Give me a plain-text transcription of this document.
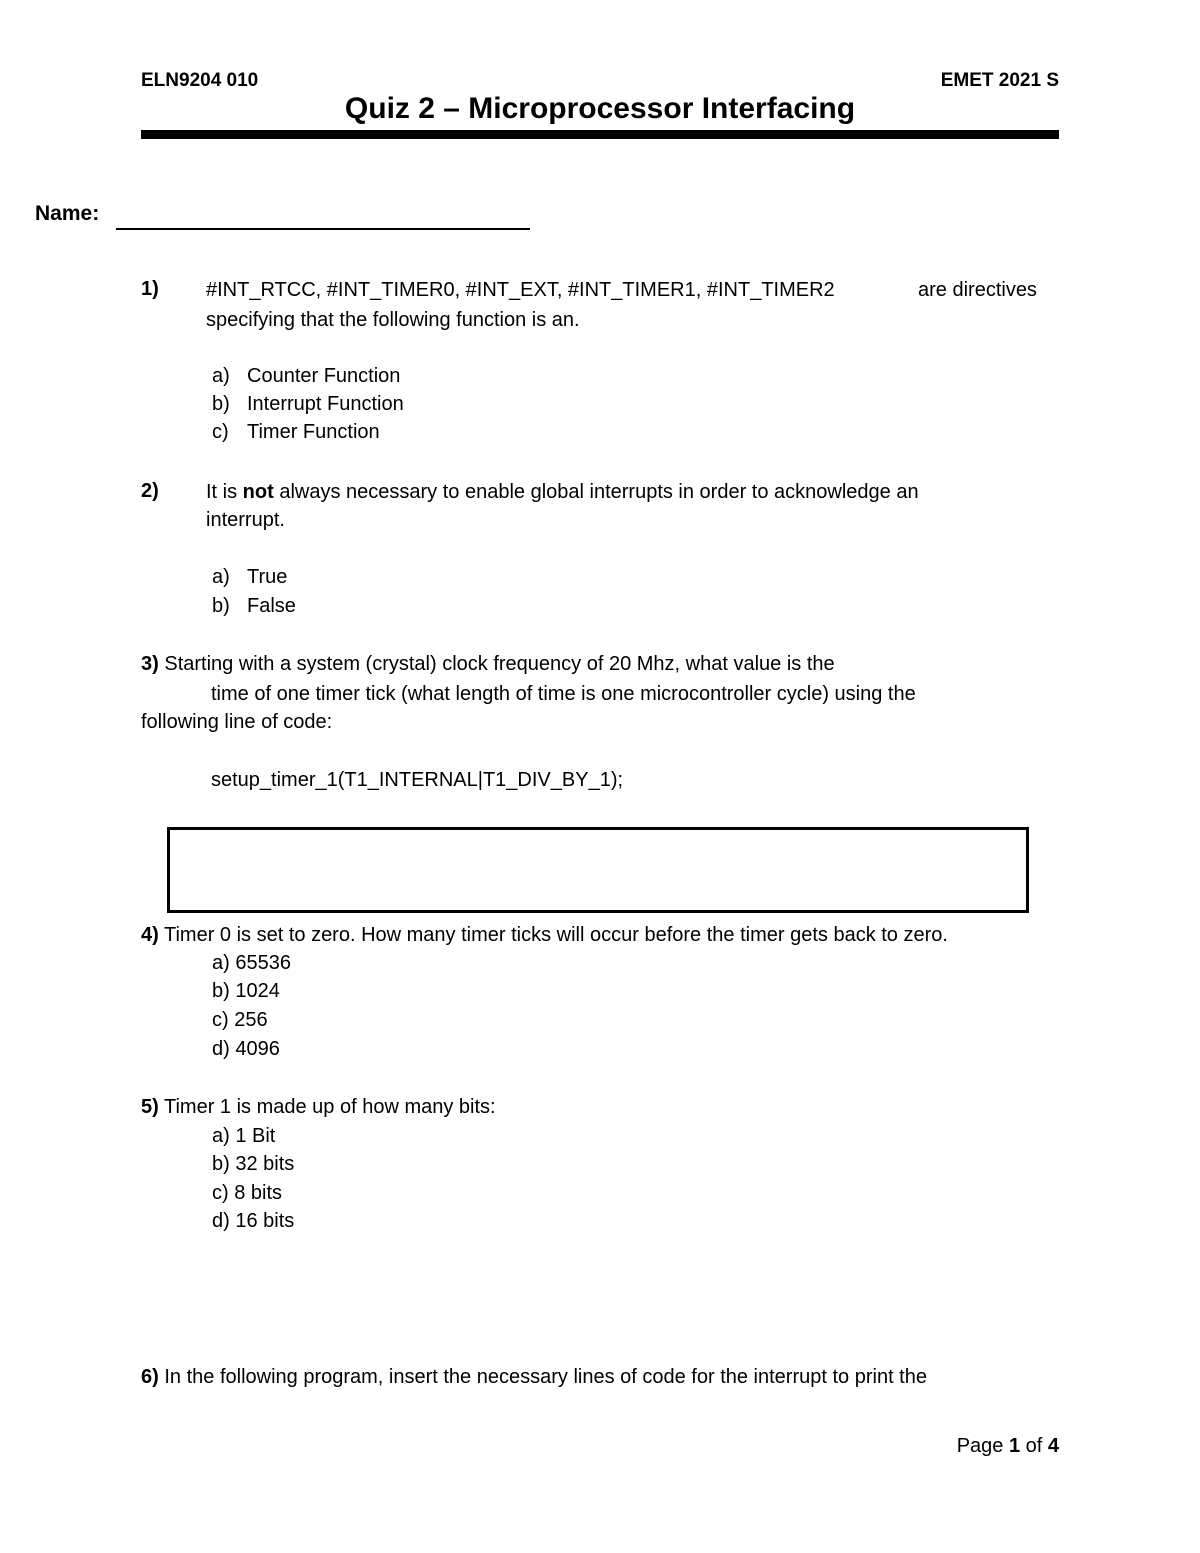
ELN9204 010	EMET 2021 S
Quiz 2 – Microprocessor Interfacing
Name:
1) #INT_RTCC, #INT_TIMER0, #INT_EXT, #INT_TIMER1, #INT_TIMER2	are directives
specifying that the following function is an.
a) Counter Function
b) Interrupt Function
c) Timer Function
2) It is not always necessary to enable global interrupts in order to acknowledge an
interrupt.
a) True
b) False
3) Starting with a system (crystal) clock frequency of 20 Mhz, what value is the
time of one timer tick (what length of time is one microcontroller cycle) using the
following line of code:
setup_timer_1(T1_INTERNAL|T1_DIV_BY_1);
4) Timer 0 is set to zero. How many timer ticks will occur before the timer gets back to zero.
a) 65536
b) 1024
c) 256
d) 4096
5) Timer 1 is made up of how many bits:
a) 1 Bit
b) 32 bits
c) 8 bits
d) 16 bits
6) In the following program, insert the necessary lines of code for the interrupt to print the
Page 1 of 4
